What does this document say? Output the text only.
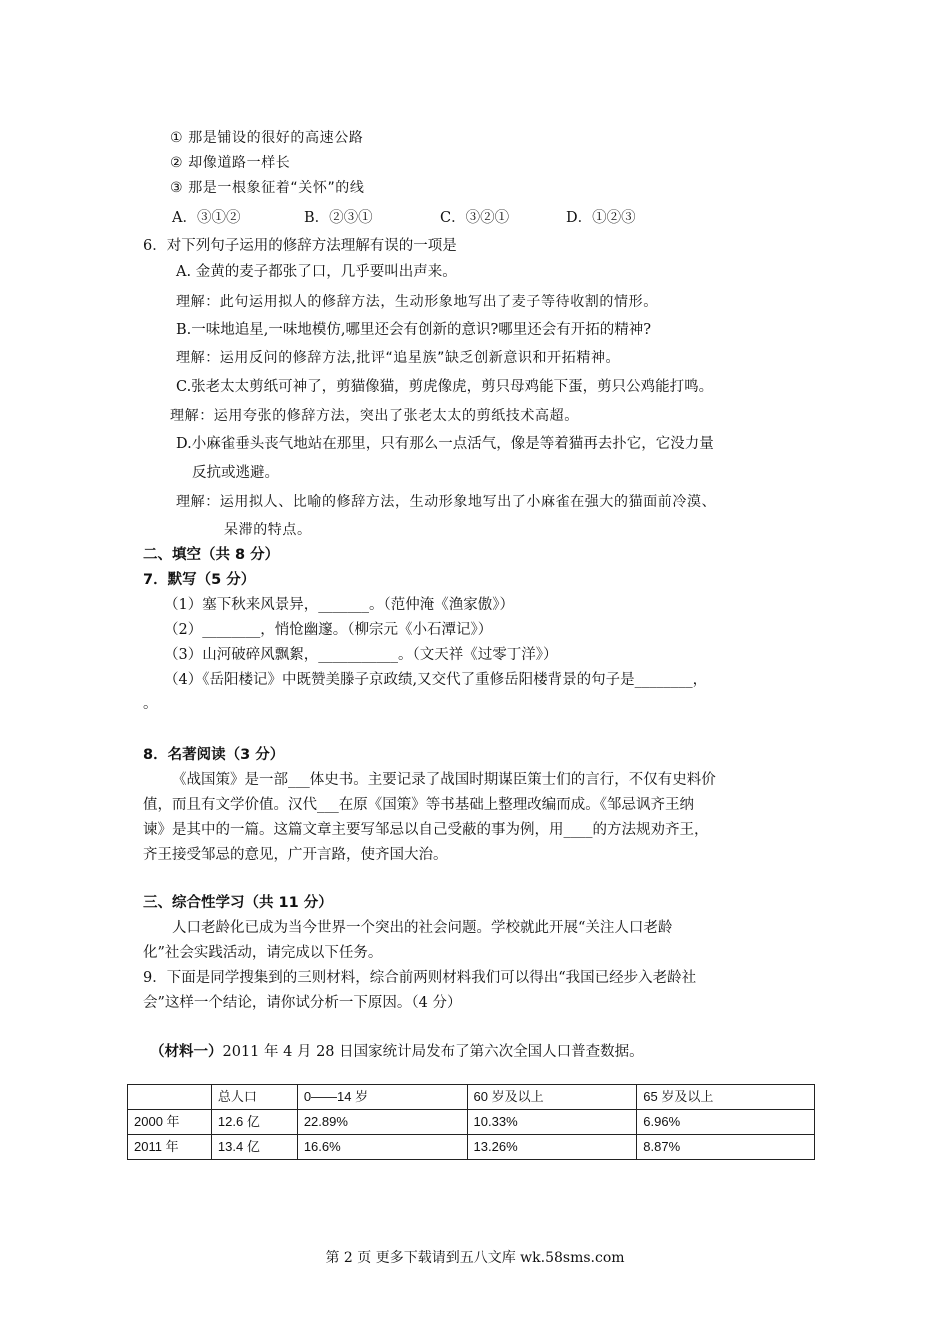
① 那是铺设的很好的高速公路
② 却像道路一样长
③ 那是一根象征着“关怀”的线
A．③①②	B．②③①	C．③②①	D．①②③
6．对下列句子运用的修辞方法理解有误的一项是
A. 金黄的麦子都张了口，几乎要叫出声来。
理解：此句运用拟人的修辞方法，生动形象地写出了麦子等待收割的情形。
B.一味地追星,一味地模仿,哪里还会有创新的意识?哪里还会有开拓的精神?
理解：运用反问的修辞方法,批评“追星族”缺乏创新意识和开拓精神。
C.张老太太剪纸可神了，剪猫像猫，剪虎像虎，剪只母鸡能下蛋，剪只公鸡能打鸣。
理解：运用夸张的修辞方法，突出了张老太太的剪纸技术高超。
D.小麻雀垂头丧气地站在那里，只有那么一点活气，像是等着猫再去扑它，它没力量
反抗或逃避。
理解：运用拟人、比喻的修辞方法，生动形象地写出了小麻雀在强大的猫面前冷漠、
呆滞的特点。
二、填空（共 8 分）
7．默写（5 分）
（1）塞下秋来风景异，_______。（范仲淹《渔家傲》）
（2）________，悄怆幽邃。（柳宗元《小石潭记》）
（3）山河破碎风飘絮，___________。（文天祥《过零丁洋》）
（4）《岳阳楼记》中既赞美滕子京政绩,又交代了重修岳阳楼背景的句子是________，
。
8．名著阅读（3 分）
《战国策》是一部___体史书。主要记录了战国时期谋臣策士们的言行，不仅有史料价
值，而且有文学价值。汉代___在原《国策》等书基础上整理改编而成。《邹忌讽齐王纳
谏》是其中的一篇。这篇文章主要写邹忌以自己受蔽的事为例，用____的方法规劝齐王，
齐王接受邹忌的意见，广开言路，使齐国大治。
三、综合性学习（共 11 分）
人口老龄化已成为当今世界一个突出的社会问题。学校就此开展“关注人口老龄
化”社会实践活动，请完成以下任务。
9．下面是同学搜集到的三则材料，综合前两则材料我们可以得出“我国已经步入老龄社
会”这样一个结论，请你试分析一下原因。（4 分）
（材料一）2011 年 4 月 28 日国家统计局发布了第六次全国人口普查数据。
	总人口	0——14 岁	60 岁及以上	65 岁及以上
2000 年	12.6 亿	22.89%	10.33%	6.96%
2011 年	13.4 亿	16.6%	13.26%	8.87%
第 2 页 更多下载请到五八文库 wk.58sms.com
